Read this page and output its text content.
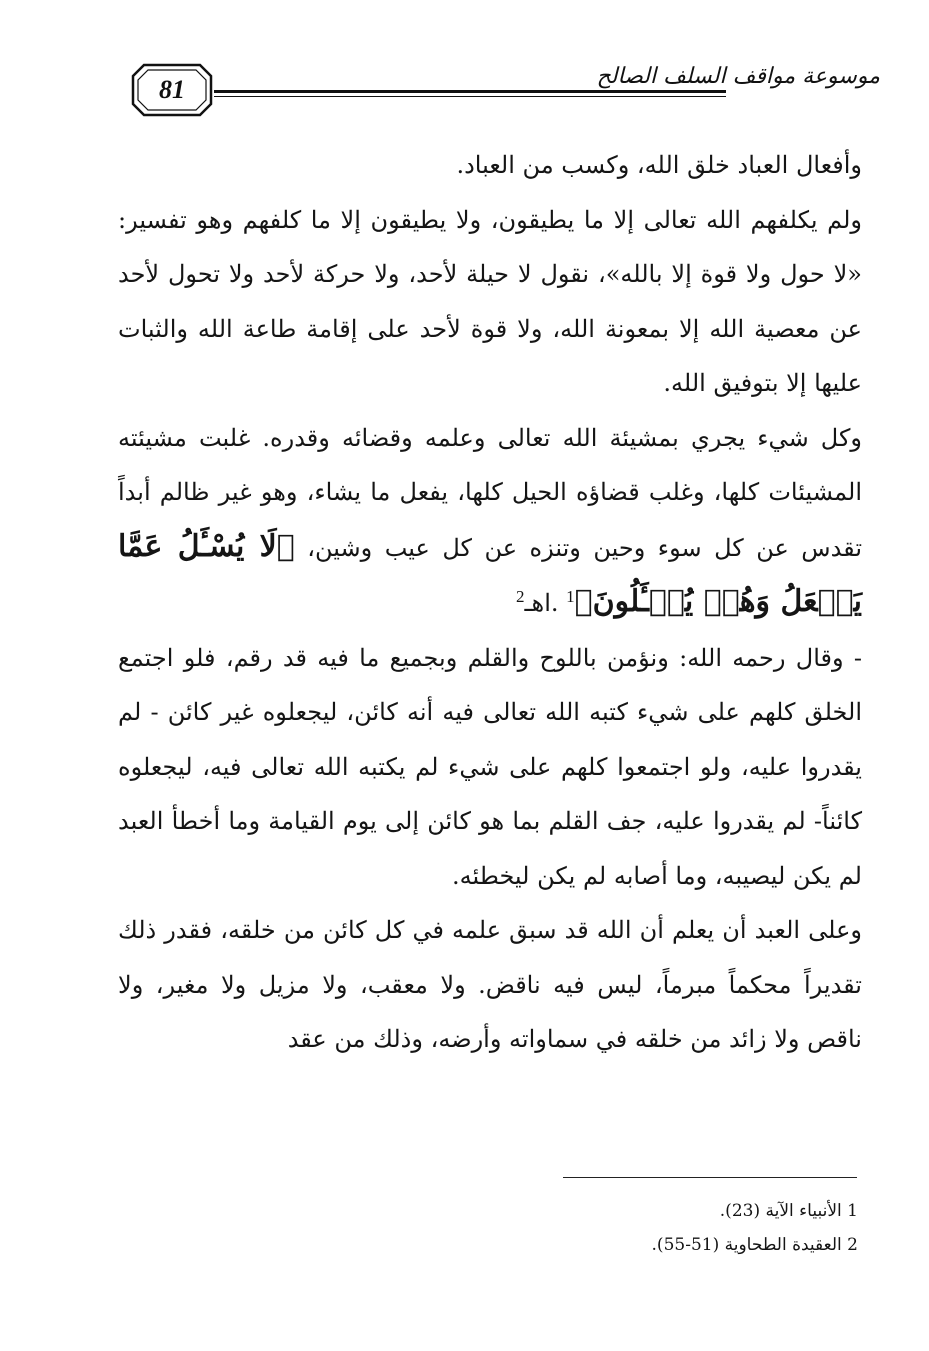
81	موسوعة مواقف السلف الصالح

وأفعال العباد خلق الله، وكسب من العباد.

ولم يكلفهم الله تعالى إلا ما يطيقون، ولا يطيقون إلا ما كلفهم وهو تفسير: «لا حول ولا قوة إلا بالله»، نقول لا حيلة لأحد، ولا حركة لأحد ولا تحول لأحد عن معصية الله إلا بمعونة الله، ولا قوة لأحد على إقامة طاعة الله والثبات عليها إلا بتوفيق الله.

وكل شيء يجري بمشيئة الله تعالى وعلمه وقضائه وقدره. غلبت مشيئته المشيئات كلها، وغلب قضاؤه الحيل كلها، يفعل ما يشاء، وهو غير ظالم أبداً تقدس عن كل سوء وحين وتنزه عن كل عيب وشين، ﴿لَا يُسْـَٔلُ عَمَّا يَفۡعَلُ وَهُمۡ يُسۡـَٔلُونَ﴾$^1$ .اهـ$^2$

- وقال رحمه الله: ونؤمن باللوح والقلم وبجميع ما فيه قد رقم، فلو اجتمع الخلق كلهم على شيء كتبه الله تعالى فيه أنه كائن، ليجعلوه غير كائن - لم يقدروا عليه، ولو اجتمعوا كلهم على شيء لم يكتبه الله تعالى فيه، ليجعلوه كائناً- لم يقدروا عليه، جف القلم بما هو كائن إلى يوم القيامة وما أخطأ العبد لم يكن ليصيبه، وما أصابه لم يكن ليخطئه.

وعلى العبد أن يعلم أن الله قد سبق علمه في كل كائن من خلقه، فقدر ذلك تقديراً محكماً مبرماً، ليس فيه ناقض. ولا معقب، ولا مزيل ولا مغير، ولا ناقص ولا زائد من خلقه في سماواته وأرضه، وذلك من عقد

1 الأنبياء الآية (23).

2 العقيدة الطحاوية (51-55).
